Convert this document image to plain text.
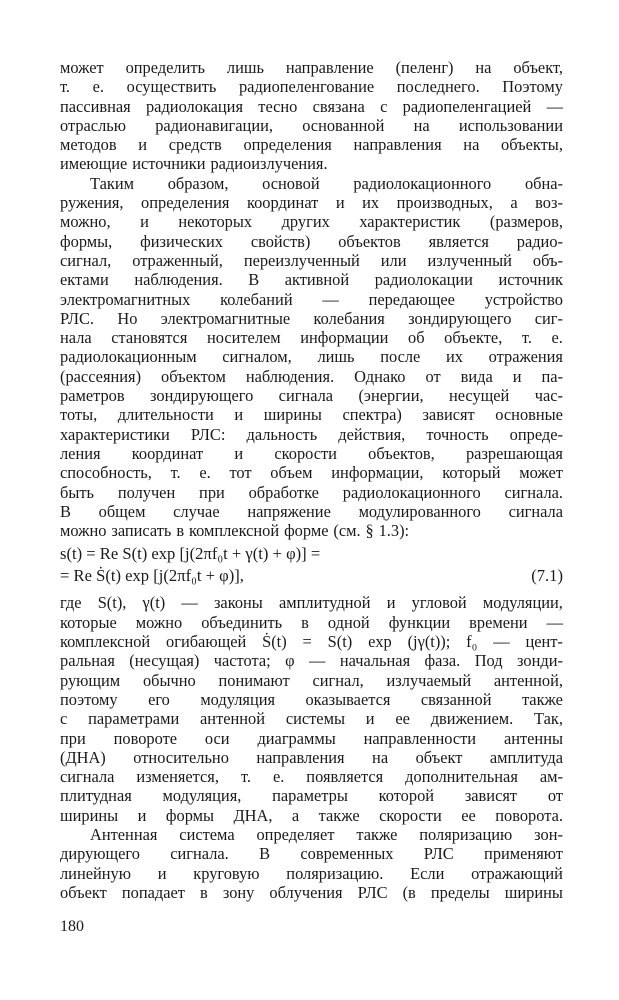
может определить лишь направление (пеленг) на объект,
т. е. осуществить радиопеленгование последнего. Поэтому
пассивная радиолокация тесно связана с радиопеленгацией —
отраслью радионавигации, основанной на использовании
методов и средств определения направления на объекты,
имеющие источники радиоизлучения.
Таким образом, основой радиолокационного обна-
ружения, определения координат и их производных, а воз-
можно, и некоторых других характеристик (размеров,
формы, физических свойств) объектов является радио-
сигнал, отраженный, переизлученный или излученный объ-
ектами наблюдения. В активной радиолокации источник
электромагнитных колебаний — передающее устройство
РЛС. Но электромагнитные колебания зондирующего сиг-
нала становятся носителем информации об объекте, т. е.
радиолокационным сигналом, лишь после их отражения
(рассеяния) объектом наблюдения. Однако от вида и па-
раметров зондирующего сигнала (энергии, несущей час-
тоты, длительности и ширины спектра) зависят основные
характеристики РЛС: дальность действия, точность опреде-
ления координат и скорости объектов, разрешающая
способность, т. е. тот объем информации, который может
быть получен при обработке радиолокационного сигнала.
В общем случае напряжение модулированного сигнала
можно записать в комплексной форме (см. § 1.3):
s(t) = Re S(t) exp [j(2πf₀t + γ(t) + φ)] =
= Re Ṡ(t) exp [j(2πf₀t + φ)],	(7.1)
где S(t), γ(t) — законы амплитудной и угловой модуляции,
которые можно объединить в одной функции времени —
комплексной огибающей Ṡ(t) = S(t) exp (jγ(t)); f₀ — цент-
ральная (несущая) частота; φ — начальная фаза. Под зонди-
рующим обычно понимают сигнал, излучаемый антенной,
поэтому его модуляция оказывается связанной также
с параметрами антенной системы и ее движением. Так,
при повороте оси диаграммы направленности антенны
(ДНА) относительно направления на объект амплитуда
сигнала изменяется, т. е. появляется дополнительная ам-
плитудная модуляция, параметры которой зависят от
ширины и формы ДНА, а также скорости ее поворота.
Антенная система определяет также поляризацию зон-
дирующего сигнала. В современных РЛС применяют
линейную и круговую поляризацию. Если отражающий
объект попадает в зону облучения РЛС (в пределы ширины
180
